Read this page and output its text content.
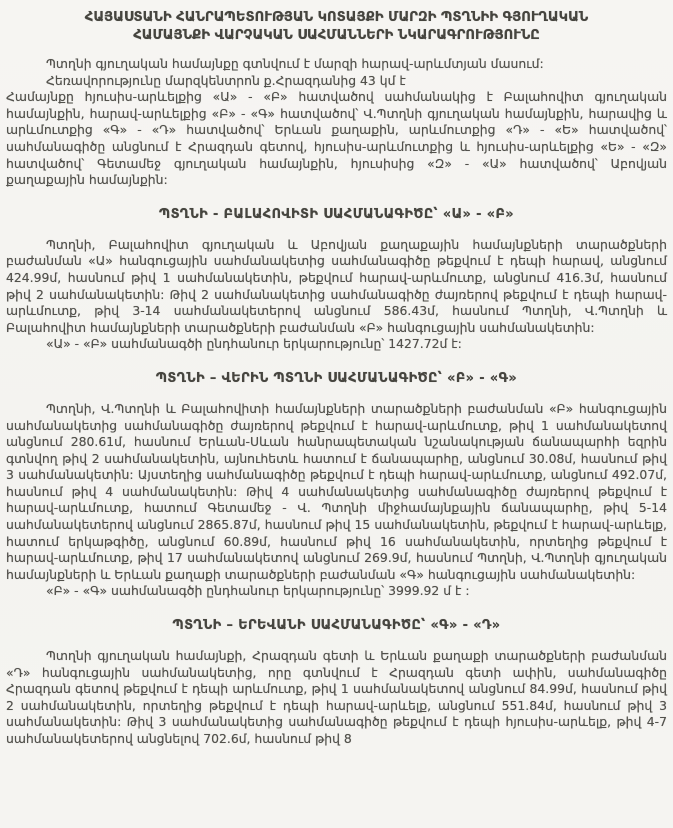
ՀԱՅԱՍՏԱՆԻ ՀԱՆՐԱՊԵՏՈՒԹՅԱՆ ԿՈՏԱՅՔԻ ՄԱՐԶԻ ՊՏՂՆԻԻ ԳՅՈՒՂԱԿԱՆ
ՀԱՄԱՅՆՔԻ ՎԱՐՉԱԿԱՆ ՍԱՀՄԱՆՆԵՐԻ ՆԿԱՐԱԳՐՈՒԹՅՈՒՆԸ
Պտղնի գյուղական համայնքը գտնվում է մարզի հարավ-արևմտյան մասում:
Հեռավորությունը մարզկենտրոն ք.Հրազդանից 43 կմ է
Համայնքը հյուսիս-արևելքից «Ա» - «Բ» հատվածով սահմանակից է Բալահովիտ գյուղական համայնքին, հարավ-արևելքից «Բ» - «Գ» հատվածով՝ Վ.Պտղնի գյուղական համայնքին, հարավից և արևմուտքից «Գ» - «Դ» հատվածով՝ Երևան քաղաքին, արևմուտքից «Դ» - «Ե» հատվածով՝ սահմանագիծը անցնում է Հրազդան գետով, հյուսիս-արևմուտքից և հյուսիս-արևելքից «Ե» - «Զ» հատվածով՝ Գետամեջ գյուղական համայնքին, հյուսիսից «Զ» - «Ա» հատվածով՝ Աբովյան քաղաքային համայնքին:
ՊՏՂՆԻ - ԲԱԼԱՀՈՎԻՏԻ ՍԱՀՄԱՆԱԳԻԾԸ՝ «Ա» - «Բ»
Պտղնի, Բալահովիտ գյուղական և Աբովյան քաղաքային համայնքների տարածքների բաժանման «Ա» հանգուցային սահմանակետից սահմանագիծը թեքվում է դեպի հարավ, անցնում 424.99մ, հասնում թիվ 1 սահմանակետին, թեքվում հարավ-արևմուտք, անցնում 416.3մ, հասնում թիվ 2 սահմանակետին: Թիվ 2 սահմանակետից սահմանագիծը ժայռերով թեքվում է դեպի հարավ-արևմուտք, թիվ 3-14 սահմանակետերով անցնում 586.43մ, հասնում Պտղնի, Վ.Պտղնի և Բալահովիտ համայնքների տարածքների բաժանման «Բ» հանգուցային սահմանակետին:
«Ա» - «Բ» սահմանագծի ընդհանուր երկարությունը՝ 1427.72մ է:
ՊՏՂՆԻ – ՎԵՐԻՆ ՊՏՂՆԻ ՍԱՀՄԱՆԱԳԻԾԸ՝ «Բ» - «Գ»
Պտղնի, Վ.Պտղնի և Բալահովիտի համայնքների տարածքների բաժանման «Բ» հանգուցային սահմանակետից սահմանագիծը ժայռերով թեքվում է հարավ-արևմուտք, թիվ 1 սահմանակետով անցնում 280.61մ, հասնում Երևան-Սևան հանրապետական նշանակության ճանապարհի եզրին գտնվող թիվ 2 սահմանակետին, այնուհետև հատում է ճանապարհը, անցնում 30.08մ, հասնում թիվ 3 սահմանակետին: Այստեղից սահմանագիծը թեքվում է դեպի հարավ-արևմուտք, անցնում 492.07մ, հասնում թիվ 4 սահմանակետին: Թիվ 4 սահմանակետից սահմանագիծը ժայռերով թեքվում է հարավ-արևմուտք, հատում Գետամեջ - Վ. Պտղնի միջհամայնքային ճանապարհը, թիվ 5-14 սահմանակետերով անցնում 2865.87մ, հասնում թիվ 15 սահմանակետին, թեքվում է հարավ-արևելք, հատում երկաթգիծը, անցնում 60.89մ, հասնում թիվ 16 սահմանակետին, որտեղից թեքվում է հարավ-արևմուտք, թիվ 17 սահմանակետով անցնում 269.9մ, հասնում Պտղնի, Վ.Պտղնի գյուղական համայնքների և Երևան քաղաքի տարածքների բաժանման «Գ» հանգուցային սահմանակետին:
«Բ» - «Գ» սահմանագծի ընդհանուր երկարությունը՝ 3999.92 մ է :
ՊՏՂՆԻ – ԵՐԵՎԱՆԻ ՍԱՀՄԱՆԱԳԻԾԸ՝ «Գ» - «Դ»
Պտղնի գյուղական համայնքի, Հրազդան գետի և Երևան քաղաքի տարածքների բաժանման «Դ» հանգուցային սահմանակետից, որը գտնվում է Հրազդան գետի ափին, սահմանագիծը Հրազդան գետով թեքվում է դեպի արևմուտք, թիվ 1 սահմանակետով անցնում 84.99մ, հասնում թիվ 2 սահմանակետին, որտեղից թեքվում է դեպի հարավ-արևելք, անցնում 551.84մ, հասնում թիվ 3 սահմանակետին: Թիվ 3 սահմանակետից սահմանագիծը թեքվում է դեպի հյուսիս-արևելք, թիվ 4-7 սահմանակետերով անցնելով 702.6մ, հասնում թիվ 8
